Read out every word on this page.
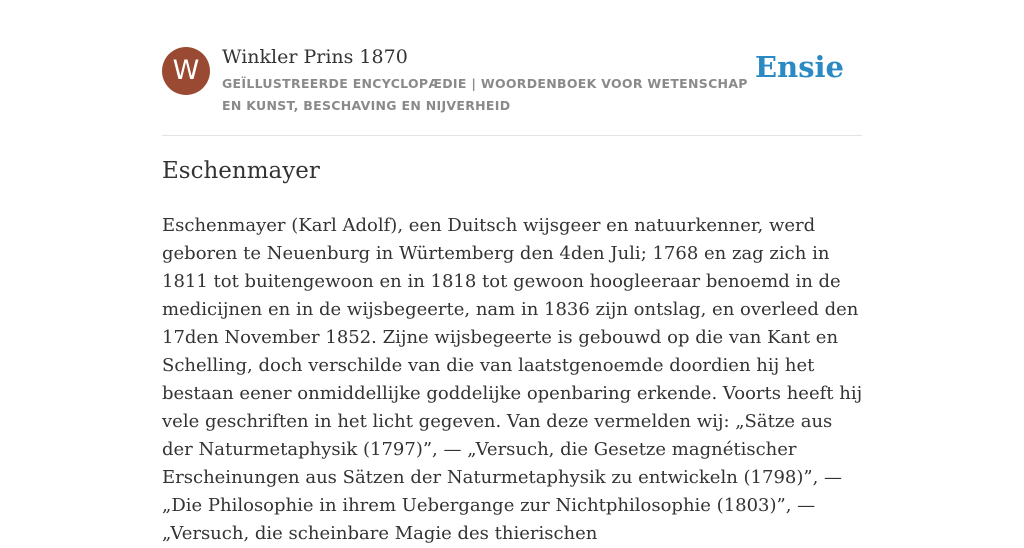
W	Winkler Prins 1870
GEÏLLUSTREERDE ENCYCLOPÆDIE | WOORDENBOEK VOOR WETENSCHAP EN KUNST, BESCHAVING EN NIJVERHEID
Ensie
Eschenmayer

Eschenmayer (Karl Adolf), een Duitsch wijsgeer en natuurkenner, werd geboren te Neuenburg in Würtemberg den 4den Juli; 1768 en zag zich in 1811 tot buitengewoon en in 1818 tot gewoon hoogleeraar benoemd in de medicijnen en in de wijsbegeerte, nam in 1836 zijn ontslag, en overleed den 17den November 1852. Zijne wijsbegeerte is gebouwd op die van Kant en Schelling, doch verschilde van die van laatstgenoemde doordien hij het bestaan eener onmiddellijke goddelijke openbaring erkende. Voorts heeft hij vele geschriften in het licht gegeven. Van deze vermelden wij: „Sätze aus der Naturmetaphysik (1797)”, — „Versuch, die Gesetze magnétischer Erscheinungen aus Sätzen der Naturmetaphysik zu entwickeln (1798)”, — „Die Philosophie in ihrem Uebergange zur Nichtphilosophie (1803)”, — „Versuch, die scheinbare Magie des thierischen
